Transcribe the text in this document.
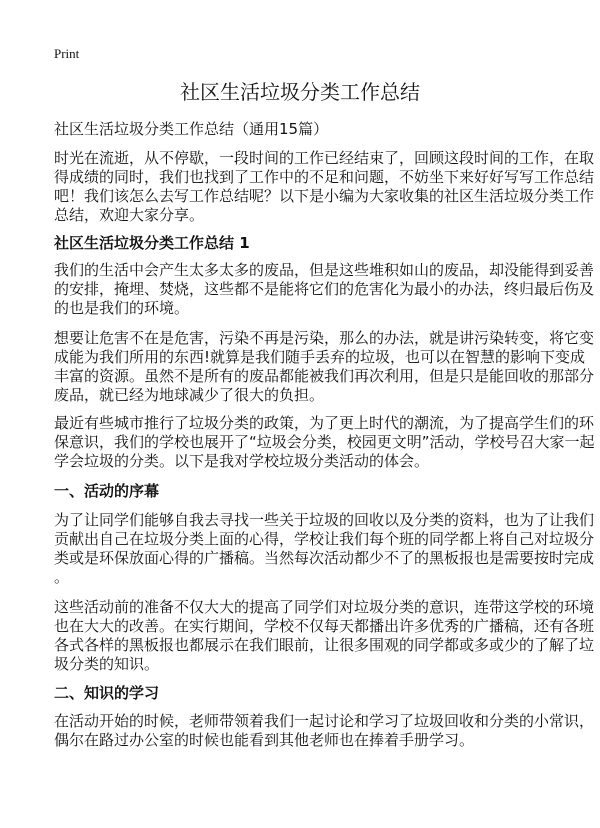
Print
社区生活垃圾分类工作总结
社区生活垃圾分类工作总结（通用15篇）
时光在流逝，从不停歇，一段时间的工作已经结束了，回顾这段时间的工作，在取
得成绩的同时，我们也找到了工作中的不足和问题，不妨坐下来好好写写工作总结
吧！我们该怎么去写工作总结呢？以下是小编为大家收集的社区生活垃圾分类工作
总结，欢迎大家分享。
社区生活垃圾分类工作总结 1
我们的生活中会产生太多太多的废品，但是这些堆积如山的废品，却没能得到妥善
的安排，掩埋、焚烧，这些都不是能将它们的危害化为最小的办法，终归最后伤及
的也是我们的环境。
想要让危害不在是危害，污染不再是污染，那么的办法，就是讲污染转变，将它变
成能为我们所用的东西!就算是我们随手丢弃的垃圾，也可以在智慧的影响下变成
丰富的资源。虽然不是所有的废品都能被我们再次利用，但是只是能回收的那部分
废品，就已经为地球减少了很大的负担。
最近有些城市推行了垃圾分类的政策，为了更上时代的潮流，为了提高学生们的环
保意识，我们的学校也展开了“垃圾会分类，校园更文明”活动，学校号召大家一起
学会垃圾的分类。以下是我对学校垃圾分类活动的体会。
一、活动的序幕
为了让同学们能够自我去寻找一些关于垃圾的回收以及分类的资料，也为了让我们
贡献出自己在垃圾分类上面的心得，学校让我们每个班的同学都上将自己对垃圾分
类或是环保放面心得的广播稿。当然每次活动都少不了的黑板报也是需要按时完成
。
这些活动前的准备不仅大大的提高了同学们对垃圾分类的意识，连带这学校的环境
也在大大的改善。在实行期间，学校不仅每天都播出许多优秀的广播稿，还有各班
各式各样的黑板报也都展示在我们眼前，让很多围观的同学都或多或少的了解了垃
圾分类的知识。
二、知识的学习
在活动开始的时候，老师带领着我们一起讨论和学习了垃圾回收和分类的小常识，
偶尔在路过办公室的时候也能看到其他老师也在捧着手册学习。
